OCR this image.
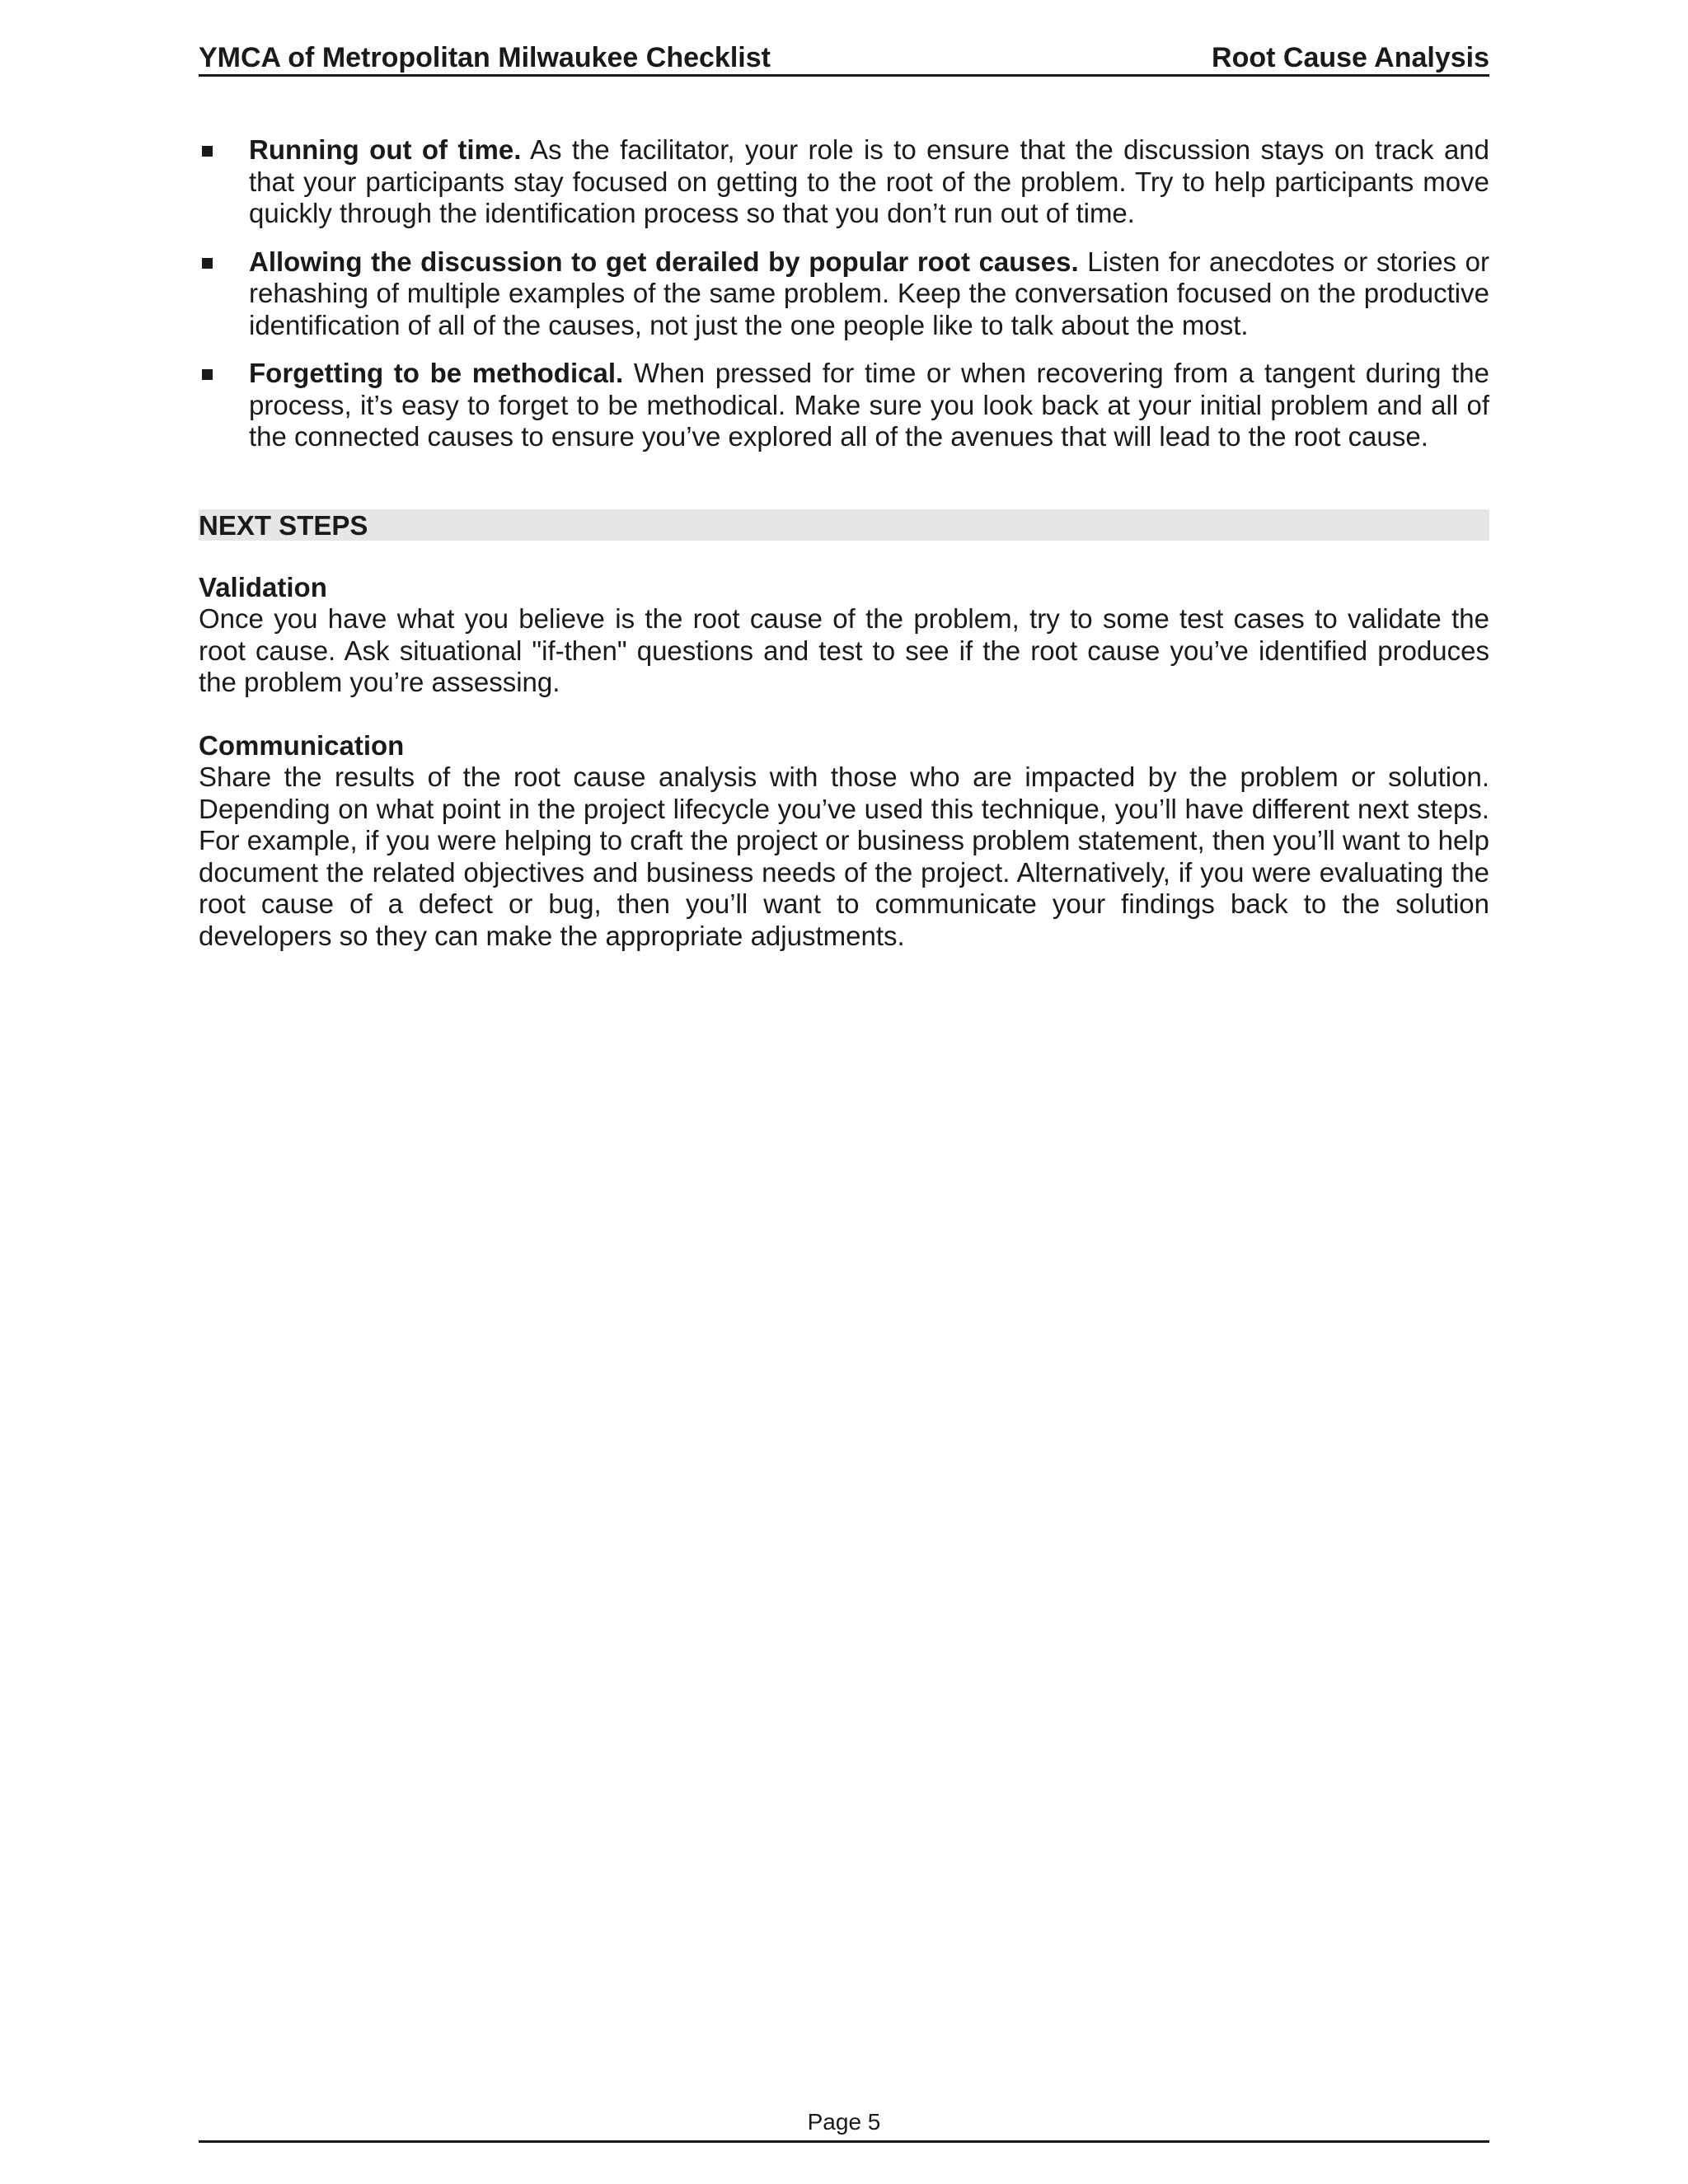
YMCA of Metropolitan Milwaukee Checklist	Root Cause Analysis
Running out of time. As the facilitator, your role is to ensure that the discussion stays on track and that your participants stay focused on getting to the root of the problem. Try to help participants move quickly through the identification process so that you don’t run out of time.
Allowing the discussion to get derailed by popular root causes. Listen for anecdotes or stories or rehashing of multiple examples of the same problem. Keep the conversation focused on the productive identification of all of the causes, not just the one people like to talk about the most.
Forgetting to be methodical. When pressed for time or when recovering from a tangent during the process, it’s easy to forget to be methodical. Make sure you look back at your initial problem and all of the connected causes to ensure you’ve explored all of the avenues that will lead to the root cause.
NEXT STEPS
Validation
Once you have what you believe is the root cause of the problem, try to some test cases to validate the root cause. Ask situational "if-then" questions and test to see if the root cause you’ve identified produces the problem you’re assessing.
Communication
Share the results of the root cause analysis with those who are impacted by the problem or solution. Depending on what point in the project lifecycle you’ve used this technique, you’ll have different next steps. For example, if you were helping to craft the project or business problem statement, then you’ll want to help document the related objectives and business needs of the project. Alternatively, if you were evaluating the root cause of a defect or bug, then you’ll want to communicate your findings back to the solution developers so they can make the appropriate adjustments.
Page 5
